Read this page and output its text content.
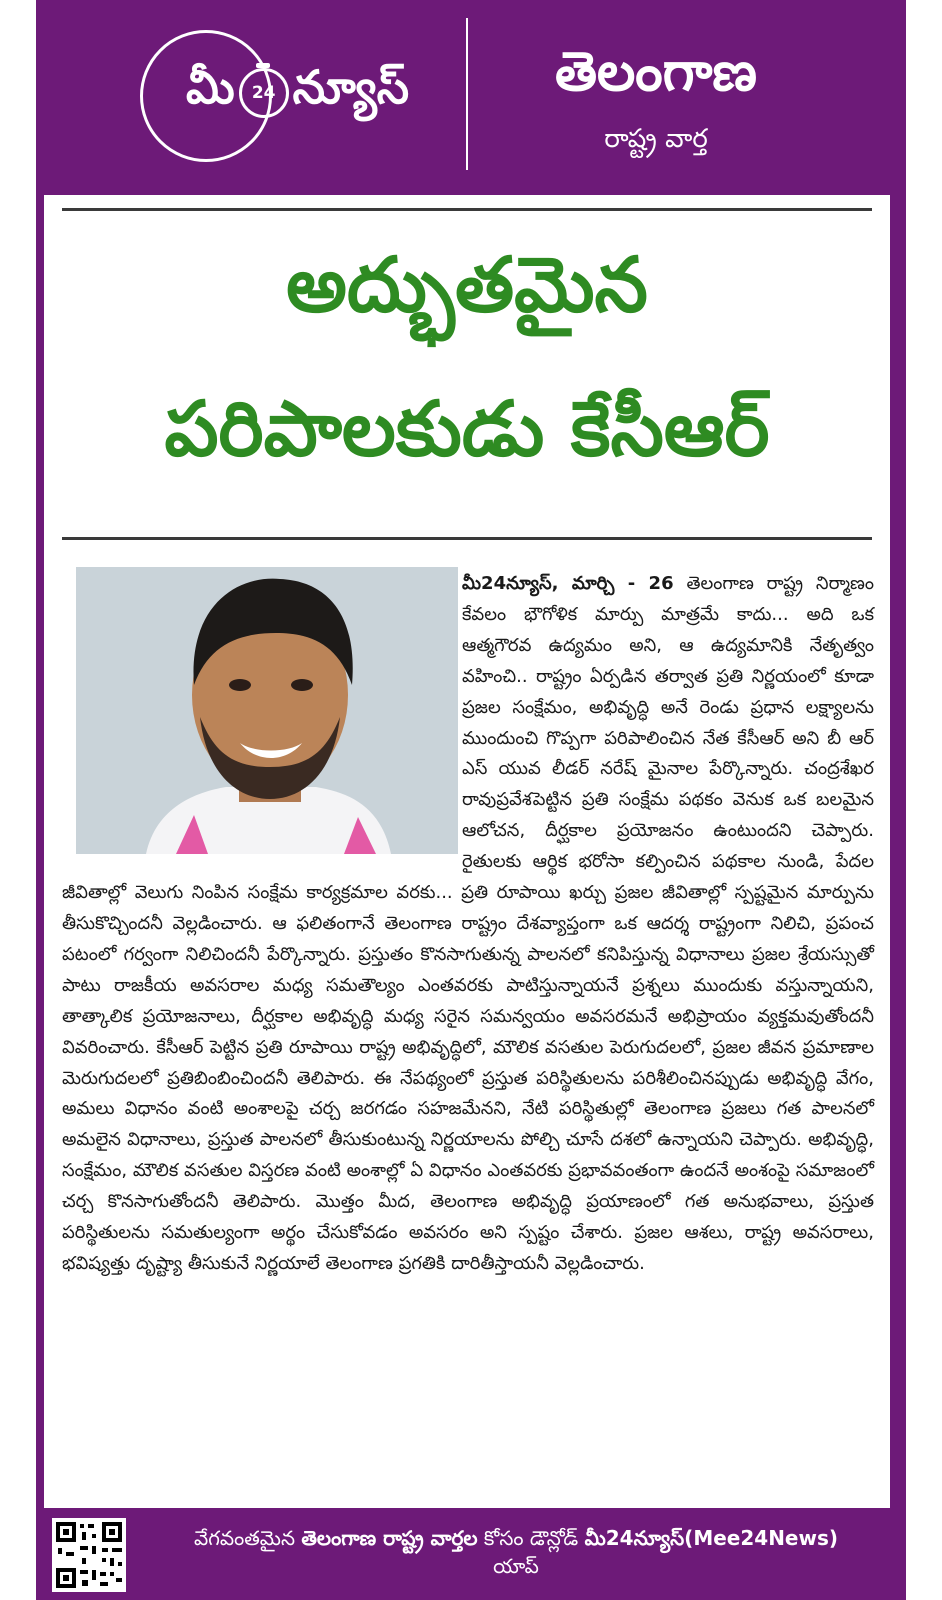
మీ	24 న్యూస్	తెలంగాణ
రాష్ట్ర వార్త
అద్భుతమైన
పరిపాలకుడు కేసీఆర్
మీ24న్యూస్, మార్చి - 26 తెలంగాణ రాష్ట్ర నిర్మాణం కేవలం భౌగోళిక మార్పు మాత్రమే కాదు... అది ఒక ఆత్మగౌరవ ఉద్యమం అని, ఆ ఉద్యమానికి నేతృత్వం వహించి.. రాష్ట్రం ఏర్పడిన తర్వాత ప్రతి నిర్ణయంలో కూడా ప్రజల సంక్షేమం, అభివృద్ధి అనే రెండు ప్రధాన లక్ష్యాలను ముందుంచి గొప్పగా పరిపాలించిన నేత కేసీఆర్ అని బీ ఆర్ ఎస్ యువ లీడర్ నరేష్ మైనాల పేర్కొన్నారు. చంద్రశేఖర రావుప్రవేశపెట్టిన ప్రతి సంక్షేమ పథకం వెనుక ఒక బలమైన ఆలోచన, దీర్ఘకాల ప్రయోజనం ఉంటుందని చెప్పారు. రైతులకు ఆర్థిక భరోసా కల్పించిన పథకాల నుండి, పేదల జీవితాల్లో వెలుగు నింపిన సంక్షేమ కార్యక్రమాల వరకు... ప్రతి రూపాయి ఖర్చు ప్రజల జీవితాల్లో స్పష్టమైన మార్పును తీసుకొచ్చిందనీ వెల్లడించారు. ఆ ఫలితంగానే తెలంగాణ రాష్ట్రం దేశవ్యాప్తంగా ఒక ఆదర్శ రాష్ట్రంగా నిలిచి, ప్రపంచ పటంలో గర్వంగా నిలిచిందనీ పేర్కొన్నారు. ప్రస్తుతం కొనసాగుతున్న పాలనలో కనిపిస్తున్న విధానాలు ప్రజల శ్రేయస్సుతో పాటు రాజకీయ అవసరాల మధ్య సమతౌల్యం ఎంతవరకు పాటిస్తున్నాయనే ప్రశ్నలు ముందుకు వస్తున్నాయని, తాత్కాలిక ప్రయోజనాలు, దీర్ఘకాల అభివృద్ధి మధ్య సరైన సమన్వయం అవసరమనే అభిప్రాయం వ్యక్తమవుతోందనీ వివరించారు. కేసీఆర్ పెట్టిన ప్రతి రూపాయి రాష్ట్ర అభివృద్ధిలో, మౌలిక వసతుల పెరుగుదలలో, ప్రజల జీవన ప్రమాణాల మెరుగుదలలో ప్రతిబింబించిందనీ తెలిపారు. ఈ నేపథ్యంలో ప్రస్తుత పరిస్థితులను పరిశీలించినప్పుడు అభివృద్ధి వేగం, అమలు విధానం వంటి అంశాలపై చర్చ జరగడం సహజమేనని, నేటి పరిస్థితుల్లో తెలంగాణ ప్రజలు గత పాలనలో అమలైన విధానాలు, ప్రస్తుత పాలనలో తీసుకుంటున్న నిర్ణయాలను పోల్చి చూసే దశలో ఉన్నాయని చెప్పారు. అభివృద్ధి, సంక్షేమం, మౌలిక వసతుల విస్తరణ వంటి అంశాల్లో ఏ విధానం ఎంతవరకు ప్రభావవంతంగా ఉందనే అంశంపై సమాజంలో చర్చ కొనసాగుతోందనీ తెలిపారు. మొత్తం మీద, తెలంగాణ అభివృద్ధి ప్రయాణంలో గత అనుభవాలు, ప్రస్తుత పరిస్థితులను సమతుల్యంగా అర్థం చేసుకోవడం అవసరం అని స్పష్టం చేశారు. ప్రజల ఆశలు, రాష్ట్ర అవసరాలు, భవిష్యత్తు దృష్ట్యా తీసుకునే నిర్ణయాలే తెలంగాణ ప్రగతికి దారితీస్తాయనీ వెల్లడించారు.
వేగవంతమైన తెలంగాణ రాష్ట్ర వార్తల కోసం డౌన్లోడ్ మీ24న్యూస్(Mee24News)
యాప్
